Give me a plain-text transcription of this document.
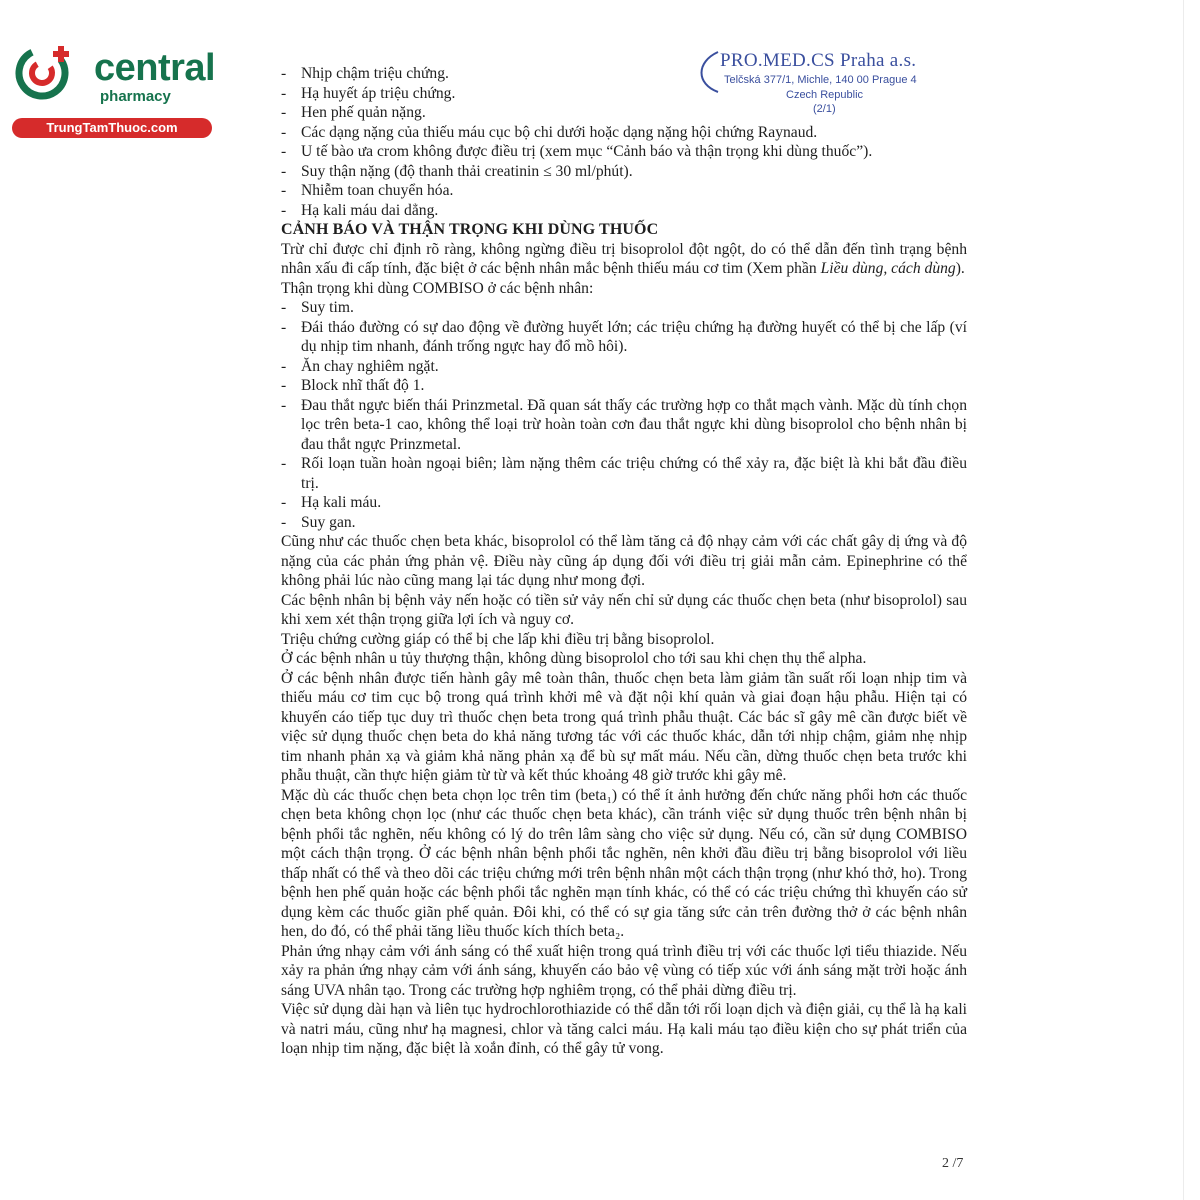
central
pharmacy
TrungTamThuoc.com
PRO.MED.CS Praha a.s.
Telčská 377/1, Michle, 140 00 Prague 4
Czech Republic
(2/1)
- Nhịp chậm triệu chứng.
- Hạ huyết áp triệu chứng.
- Hen phế quản nặng.
- Các dạng nặng của thiếu máu cục bộ chi dưới hoặc dạng nặng hội chứng Raynaud.
- U tế bào ưa crom không được điều trị (xem mục “Cảnh báo và thận trọng khi dùng thuốc”).
- Suy thận nặng (độ thanh thải creatinin ≤ 30 ml/phút).
- Nhiễm toan chuyển hóa.
- Hạ kali máu dai dẳng.
CẢNH BÁO VÀ THẬN TRỌNG KHI DÙNG THUỐC

Trừ chỉ được chỉ định rõ ràng, không ngừng điều trị bisoprolol đột ngột, do có thể dẫn đến tình trạng bệnh nhân xấu đi cấp tính, đặc biệt ở các bệnh nhân mắc bệnh thiếu máu cơ tim (Xem phần Liều dùng, cách dùng).

Thận trọng khi dùng COMBISO ở các bệnh nhân:

- Suy tim.
- Đái tháo đường có sự dao động về đường huyết lớn; các triệu chứng hạ đường huyết có thể bị che lấp (ví dụ nhịp tim nhanh, đánh trống ngực hay đổ mồ hôi).
- Ăn chay nghiêm ngặt.
- Block nhĩ thất độ 1.
- Đau thắt ngực biến thái Prinzmetal. Đã quan sát thấy các trường hợp co thắt mạch vành. Mặc dù tính chọn lọc trên beta-1 cao, không thể loại trừ hoàn toàn cơn đau thắt ngực khi dùng bisoprolol cho bệnh nhân bị đau thắt ngực Prinzmetal.
- Rối loạn tuần hoàn ngoại biên; làm nặng thêm các triệu chứng có thể xảy ra, đặc biệt là khi bắt đầu điều trị.
- Hạ kali máu.
- Suy gan.

Cũng như các thuốc chẹn beta khác, bisoprolol có thể làm tăng cả độ nhạy cảm với các chất gây dị ứng và độ nặng của các phản ứng phản vệ. Điều này cũng áp dụng đối với điều trị giải mẫn cảm. Epinephrine có thể không phải lúc nào cũng mang lại tác dụng như mong đợi.

Các bệnh nhân bị bệnh vảy nến hoặc có tiền sử vảy nến chỉ sử dụng các thuốc chẹn beta (như bisoprolol) sau khi xem xét thận trọng giữa lợi ích và nguy cơ.

Triệu chứng cường giáp có thể bị che lấp khi điều trị bằng bisoprolol.

Ở các bệnh nhân u tủy thượng thận, không dùng bisoprolol cho tới sau khi chẹn thụ thể alpha.

Ở các bệnh nhân được tiến hành gây mê toàn thân, thuốc chẹn beta làm giảm tần suất rối loạn nhịp tim và thiếu máu cơ tim cục bộ trong quá trình khởi mê và đặt nội khí quản và giai đoạn hậu phẫu. Hiện tại có khuyến cáo tiếp tục duy trì thuốc chẹn beta trong quá trình phẫu thuật. Các bác sĩ gây mê cần được biết về việc sử dụng thuốc chẹn beta do khả năng tương tác với các thuốc khác, dẫn tới nhịp chậm, giảm nhẹ nhịp tim nhanh phản xạ và giảm khả năng phản xạ để bù sự mất máu. Nếu cần, dừng thuốc chẹn beta trước khi phẫu thuật, cần thực hiện giảm từ từ và kết thúc khoảng 48 giờ trước khi gây mê.

Mặc dù các thuốc chẹn beta chọn lọc trên tim (beta₁) có thể ít ảnh hưởng đến chức năng phổi hơn các thuốc chẹn beta không chọn lọc (như các thuốc chẹn beta khác), cần tránh việc sử dụng thuốc trên bệnh nhân bị bệnh phổi tắc nghẽn, nếu không có lý do trên lâm sàng cho việc sử dụng. Nếu có, cần sử dụng COMBISO một cách thận trọng. Ở các bệnh nhân bệnh phổi tắc nghẽn, nên khởi đầu điều trị bằng bisoprolol với liều thấp nhất có thể và theo dõi các triệu chứng mới trên bệnh nhân một cách thận trọng (như khó thở, ho). Trong bệnh hen phế quản hoặc các bệnh phổi tắc nghẽn mạn tính khác, có thể có các triệu chứng thì khuyến cáo sử dụng kèm các thuốc giãn phế quản. Đôi khi, có thể có sự gia tăng sức cản trên đường thở ở các bệnh nhân hen, do đó, có thể phải tăng liều thuốc kích thích beta₂.

Phản ứng nhạy cảm với ánh sáng có thể xuất hiện trong quá trình điều trị với các thuốc lợi tiểu thiazide. Nếu xảy ra phản ứng nhạy cảm với ánh sáng, khuyến cáo bảo vệ vùng có tiếp xúc với ánh sáng mặt trời hoặc ánh sáng UVA nhân tạo. Trong các trường hợp nghiêm trọng, có thể phải dừng điều trị.

Việc sử dụng dài hạn và liên tục hydrochlorothiazide có thể dẫn tới rối loạn dịch và điện giải, cụ thể là hạ kali và natri máu, cũng như hạ magnesi, chlor và tăng calci máu. Hạ kali máu tạo điều kiện cho sự phát triển của loạn nhịp tim nặng, đặc biệt là xoắn đỉnh, có thể gây tử vong.

2 /7
